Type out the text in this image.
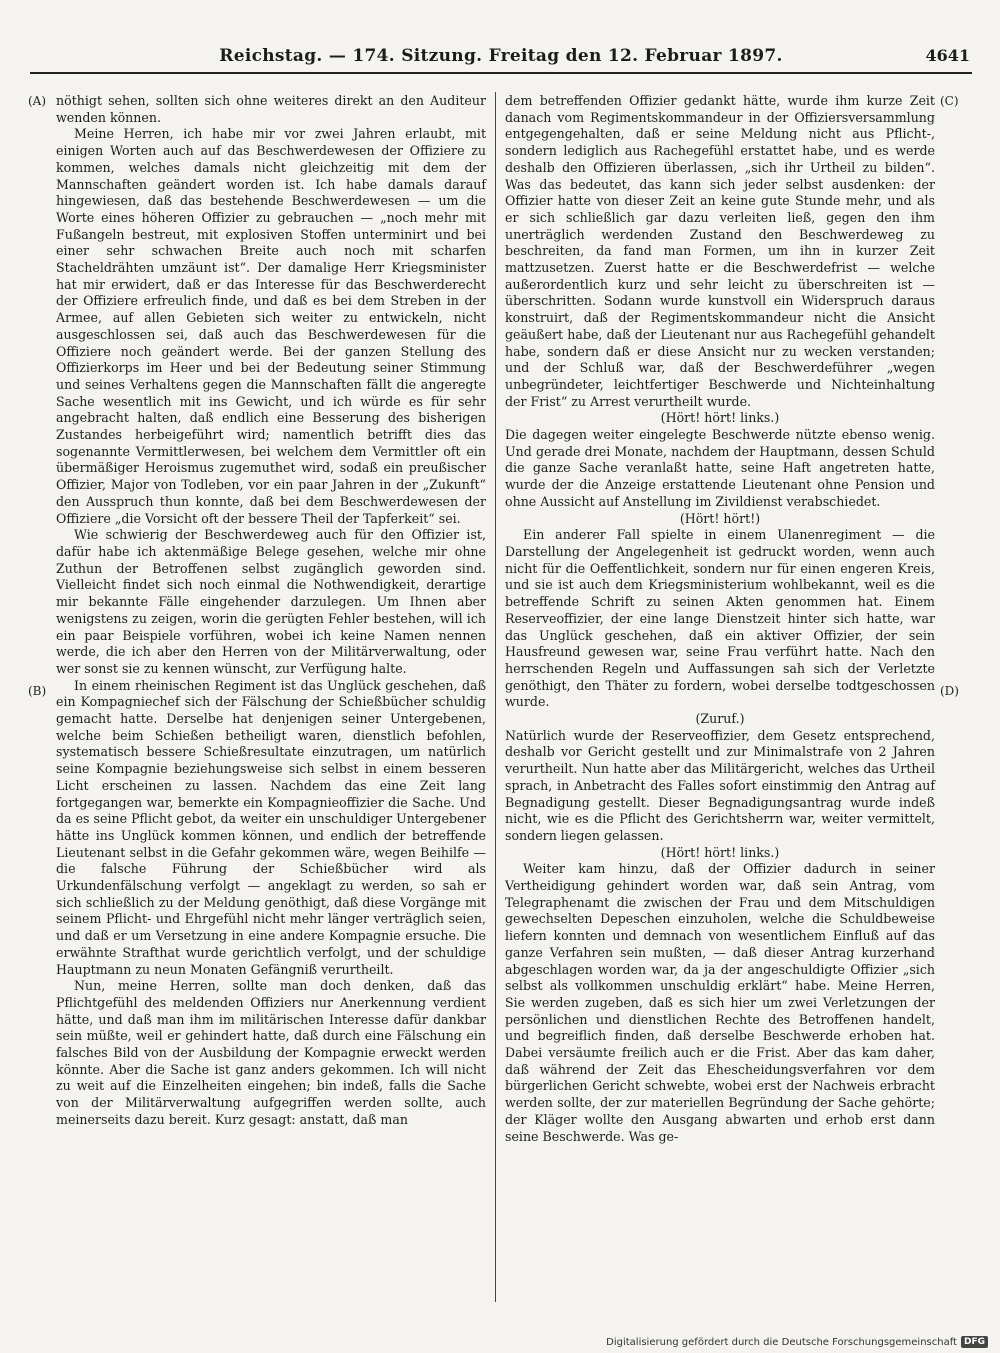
Reichstag. — 174. Sitzung. Freitag den 12. Februar 1897.	4641
(A)
(B)
(C)
(D)

nöthigt sehen, sollten sich ohne weiteres direkt an den Auditeur wenden können.

Meine Herren, ich habe mir vor zwei Jahren erlaubt, mit einigen Worten auch auf das Beschwerdewesen der Offiziere zu kommen, welches damals nicht gleichzeitig mit dem der Mannschaften geändert worden ist. Ich habe damals darauf hingewiesen, daß das bestehende Beschwerdewesen — um die Worte eines höheren Offizier zu gebrauchen — „noch mehr mit Fußangeln bestreut, mit explosiven Stoffen unterminirt und bei einer sehr schwachen Breite auch noch mit scharfen Stacheldrähten umzäunt ist“. Der damalige Herr Kriegsminister hat mir erwidert, daß er das Interesse für das Beschwerderecht der Offiziere erfreulich finde, und daß es bei dem Streben in der Armee, auf allen Gebieten sich weiter zu entwickeln, nicht ausgeschlossen sei, daß auch das Beschwerdewesen für die Offiziere noch geändert werde. Bei der ganzen Stellung des Offizierkorps im Heer und bei der Bedeutung seiner Stimmung und seines Verhaltens gegen die Mannschaften fällt die angeregte Sache wesentlich mit ins Gewicht, und ich würde es für sehr angebracht halten, daß endlich eine Besserung des bisherigen Zustandes herbeigeführt wird; namentlich betrifft dies das sogenannte Vermittlerwesen, bei welchem dem Vermittler oft ein übermäßiger Heroismus zugemuthet wird, sodaß ein preußischer Offizier, Major von Todleben, vor ein paar Jahren in der „Zukunft“ den Ausspruch thun konnte, daß bei dem Beschwerdewesen der Offiziere „die Vorsicht oft der bessere Theil der Tapferkeit“ sei.

Wie schwierig der Beschwerdeweg auch für den Offizier ist, dafür habe ich aktenmäßige Belege gesehen, welche mir ohne Zuthun der Betroffenen selbst zugänglich geworden sind. Vielleicht findet sich noch einmal die Nothwendigkeit, derartige mir bekannte Fälle eingehender darzulegen. Um Ihnen aber wenigstens zu zeigen, worin die gerügten Fehler bestehen, will ich ein paar Beispiele vorführen, wobei ich keine Namen nennen werde, die ich aber den Herren von der Militärverwaltung, oder wer sonst sie zu kennen wünscht, zur Verfügung halte.

In einem rheinischen Regiment ist das Unglück geschehen, daß ein Kompagniechef sich der Fälschung der Schießbücher schuldig gemacht hatte. Derselbe hat denjenigen seiner Untergebenen, welche beim Schießen betheiligt waren, dienstlich befohlen, systematisch bessere Schießresultate einzutragen, um natürlich seine Kompagnie beziehungsweise sich selbst in einem besseren Licht erscheinen zu lassen. Nachdem das eine Zeit lang fortgegangen war, bemerkte ein Kompagnieoffizier die Sache. Und da es seine Pflicht gebot, da weiter ein unschuldiger Untergebener hätte ins Unglück kommen können, und endlich der betreffende Lieutenant selbst in die Gefahr gekommen wäre, wegen Beihilfe — die falsche Führung der Schießbücher wird als Urkundenfälschung verfolgt — angeklagt zu werden, so sah er sich schließlich zu der Meldung genöthigt, daß diese Vorgänge mit seinem Pflicht- und Ehrgefühl nicht mehr länger verträglich seien, und daß er um Versetzung in eine andere Kompagnie ersuche. Die erwähnte Strafthat wurde gerichtlich verfolgt, und der schuldige Hauptmann zu neun Monaten Gefängniß verurtheilt.

Nun, meine Herren, sollte man doch denken, daß das Pflichtgefühl des meldenden Offiziers nur Anerkennung verdient hätte, und daß man ihm im militärischen Interesse dafür dankbar sein müßte, weil er gehindert hatte, daß durch eine Fälschung ein falsches Bild von der Ausbildung der Kompagnie erweckt werden könnte. Aber die Sache ist ganz anders gekommen. Ich will nicht zu weit auf die Einzelheiten eingehen; bin indeß, falls die Sache von der Militärverwaltung aufgegriffen werden sollte, auch meinerseits dazu bereit. Kurz gesagt: anstatt, daß man

dem betreffenden Offizier gedankt hätte, wurde ihm kurze Zeit danach vom Regimentskommandeur in der Offiziersversammlung entgegengehalten, daß er seine Meldung nicht aus Pflicht-, sondern lediglich aus Rachegefühl erstattet habe, und es werde deshalb den Offizieren überlassen, „sich ihr Urtheil zu bilden“. Was das bedeutet, das kann sich jeder selbst ausdenken: der Offizier hatte von dieser Zeit an keine gute Stunde mehr, und als er sich schließlich gar dazu verleiten ließ, gegen den ihm unerträglich werdenden Zustand den Beschwerdeweg zu beschreiten, da fand man Formen, um ihn in kurzer Zeit mattzusetzen. Zuerst hatte er die Beschwerdefrist — welche außerordentlich kurz und sehr leicht zu überschreiten ist — überschritten. Sodann wurde kunstvoll ein Widerspruch daraus konstruirt, daß der Regimentskommandeur nicht die Ansicht geäußert habe, daß der Lieutenant nur aus Rachegefühl gehandelt habe, sondern daß er diese Ansicht nur zu wecken verstanden; und der Schluß war, daß der Beschwerdeführer „wegen unbegründeter, leichtfertiger Beschwerde und Nichteinhaltung der Frist“ zu Arrest verurtheilt wurde.

(Hört! hört! links.)

Die dagegen weiter eingelegte Beschwerde nützte ebenso wenig. Und gerade drei Monate, nachdem der Hauptmann, dessen Schuld die ganze Sache veranlaßt hatte, seine Haft angetreten hatte, wurde der die Anzeige erstattende Lieutenant ohne Pension und ohne Aussicht auf Anstellung im Zivildienst verabschiedet.

(Hört! hört!)

Ein anderer Fall spielte in einem Ulanenregiment — die Darstellung der Angelegenheit ist gedruckt worden, wenn auch nicht für die Oeffentlichkeit, sondern nur für einen engeren Kreis, und sie ist auch dem Kriegsministerium wohlbekannt, weil es die betreffende Schrift zu seinen Akten genommen hat. Einem Reserveoffizier, der eine lange Dienstzeit hinter sich hatte, war das Unglück geschehen, daß ein aktiver Offizier, der sein Hausfreund gewesen war, seine Frau verführt hatte. Nach den herrschenden Regeln und Auffassungen sah sich der Verletzte genöthigt, den Thäter zu fordern, wobei derselbe todtgeschossen wurde.

(Zuruf.)

Natürlich wurde der Reserveoffizier, dem Gesetz entsprechend, deshalb vor Gericht gestellt und zur Minimalstrafe von 2 Jahren verurtheilt. Nun hatte aber das Militärgericht, welches das Urtheil sprach, in Anbetracht des Falles sofort einstimmig den Antrag auf Begnadigung gestellt. Dieser Begnadigungsantrag wurde indeß nicht, wie es die Pflicht des Gerichtsherrn war, weiter vermittelt, sondern liegen gelassen.

(Hört! hört! links.)

Weiter kam hinzu, daß der Offizier dadurch in seiner Vertheidigung gehindert worden war, daß sein Antrag, vom Telegraphenamt die zwischen der Frau und dem Mitschuldigen gewechselten Depeschen einzuholen, welche die Schuldbeweise liefern konnten und demnach von wesentlichem Einfluß auf das ganze Verfahren sein mußten, — daß dieser Antrag kurzerhand abgeschlagen worden war, da ja der angeschuldigte Offizier „sich selbst als vollkommen unschuldig erklärt“ habe. Meine Herren, Sie werden zugeben, daß es sich hier um zwei Verletzungen der persönlichen und dienstlichen Rechte des Betroffenen handelt, und begreiflich finden, daß derselbe Beschwerde erhoben hat. Dabei versäumte freilich auch er die Frist. Aber das kam daher, daß während der Zeit das Ehescheidungsverfahren vor dem bürgerlichen Gericht schwebte, wobei erst der Nachweis erbracht werden sollte, der zur materiellen Begründung der Sache gehörte; der Kläger wollte den Ausgang abwarten und erhob erst dann seine Beschwerde. Was ge-

Digitalisierung gefördert durch die Deutsche Forschungsgemeinschaft DFG
